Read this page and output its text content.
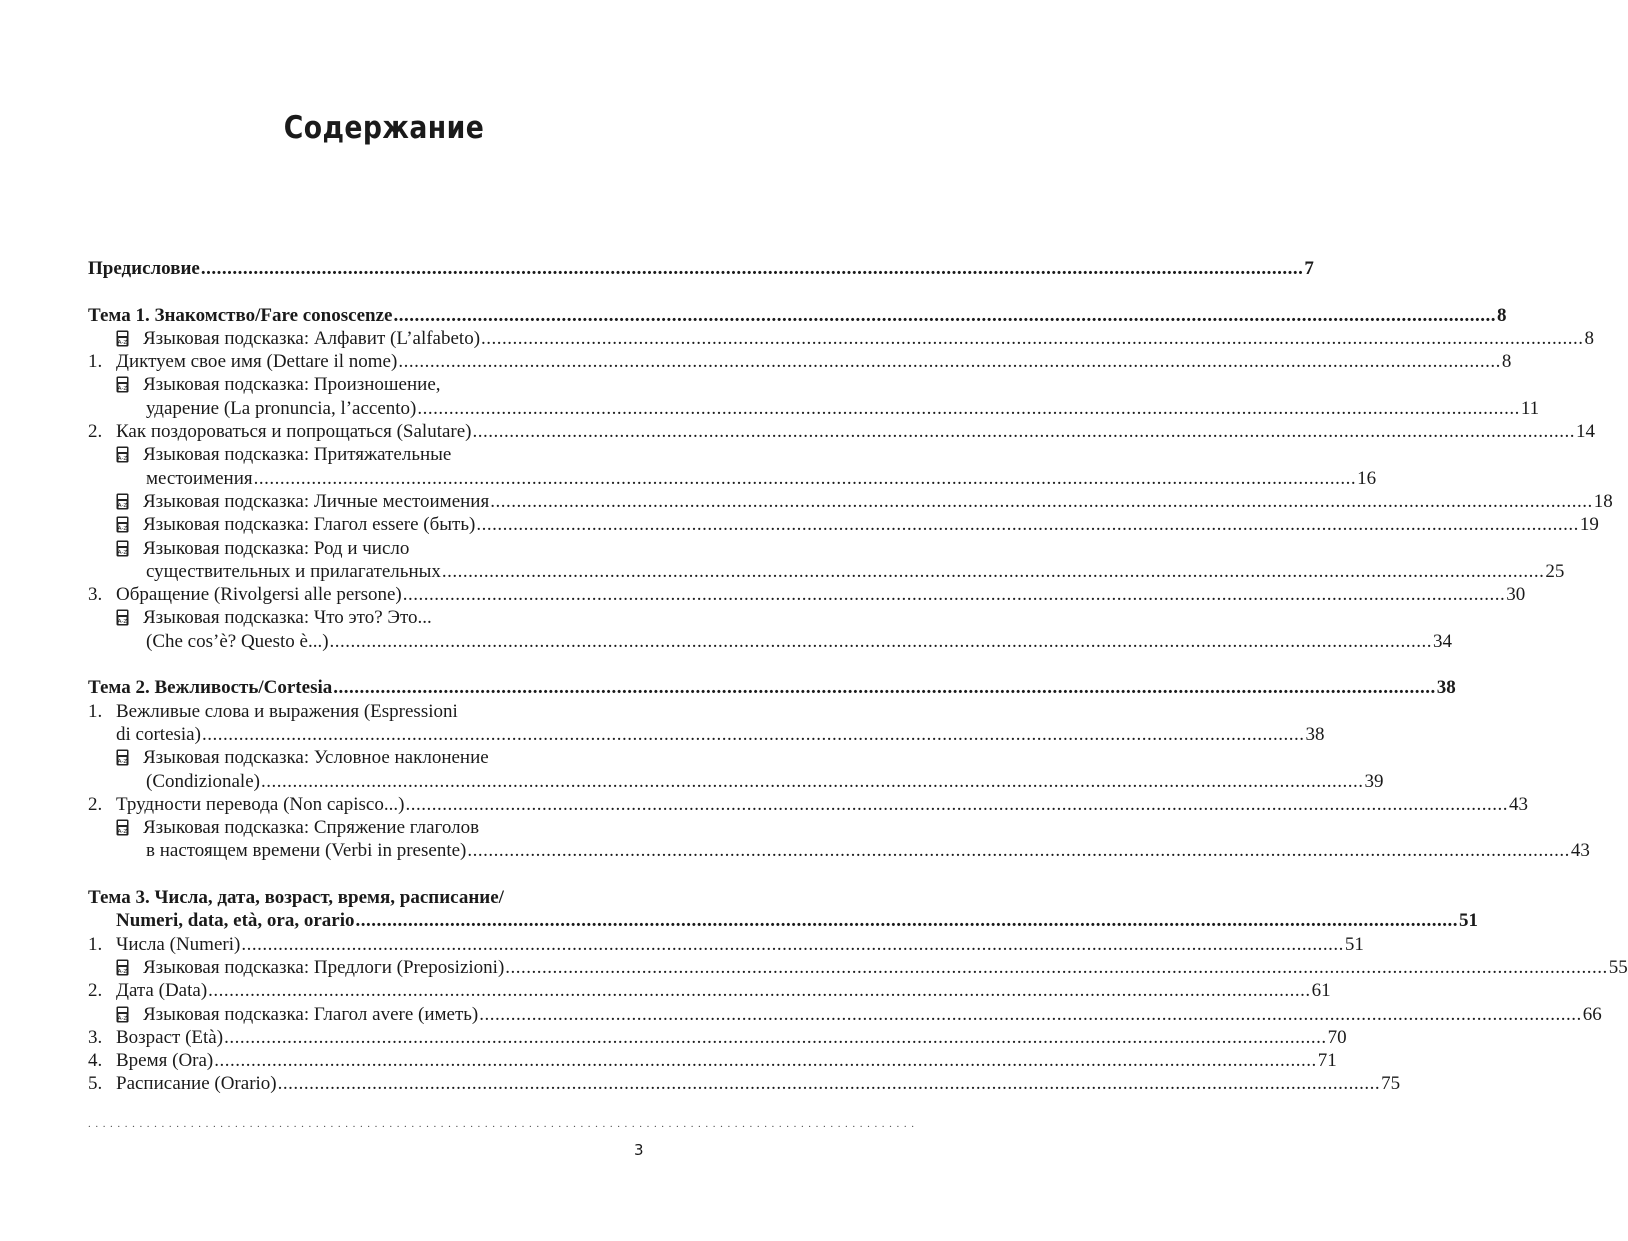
Содержание
Предисловие .....	7
Тема 1. Знакомство/Fare conoscenze .....	8
A-Z Языковая подсказка: Алфавит (L’alfabeto) .....	8
1. Диктуем свое имя (Dettare il nome) .....	8
A-Z Языковая подсказка: Произношение,
ударение (La pronuncia, l’accento) .....	11
2. Как поздороваться и попрощаться (Salutare) .....	14
A-Z Языковая подсказка: Притяжательные
местоимения .....	16
A-Z Языковая подсказка: Личные местоимения .....	18
A-Z Языковая подсказка: Глагол essere (быть) .....	19
A-Z Языковая подсказка: Род и число
существительных и прилагательных .....	25
3. Обращение (Rivolgersi alle persone) .....	30
A-Z Языковая подсказка: Что это? Это...
(Che cos’è? Questo è...) .....	34
Тема 2. Вежливость/Cortesia .....	38
1. Вежливые слова и выражения (Espressioni
di cortesia) .....	38
A-Z Языковая подсказка: Условное наклонение
(Condizionale) .....	39
2. Трудности перевода (Non capisco...) .....	43
A-Z Языковая подсказка: Спряжение глаголов
в настоящем времени (Verbi in presente) .....	43
Тема 3. Числа, дата, возраст, время, расписание/
Numeri, data, età, ora, orario .....	51
1. Числа (Numeri) .....	51
A-Z Языковая подсказка: Предлоги (Preposizioni) .....	55
2. Дата (Data) .....	61
A-Z Языковая подсказка: Глагол avere (иметь) .....	66
3. Возраст (Età) .....	70
4. Время (Ora) .....	71
5. Расписание (Orario) .....	75
.................................................................................................................
3
